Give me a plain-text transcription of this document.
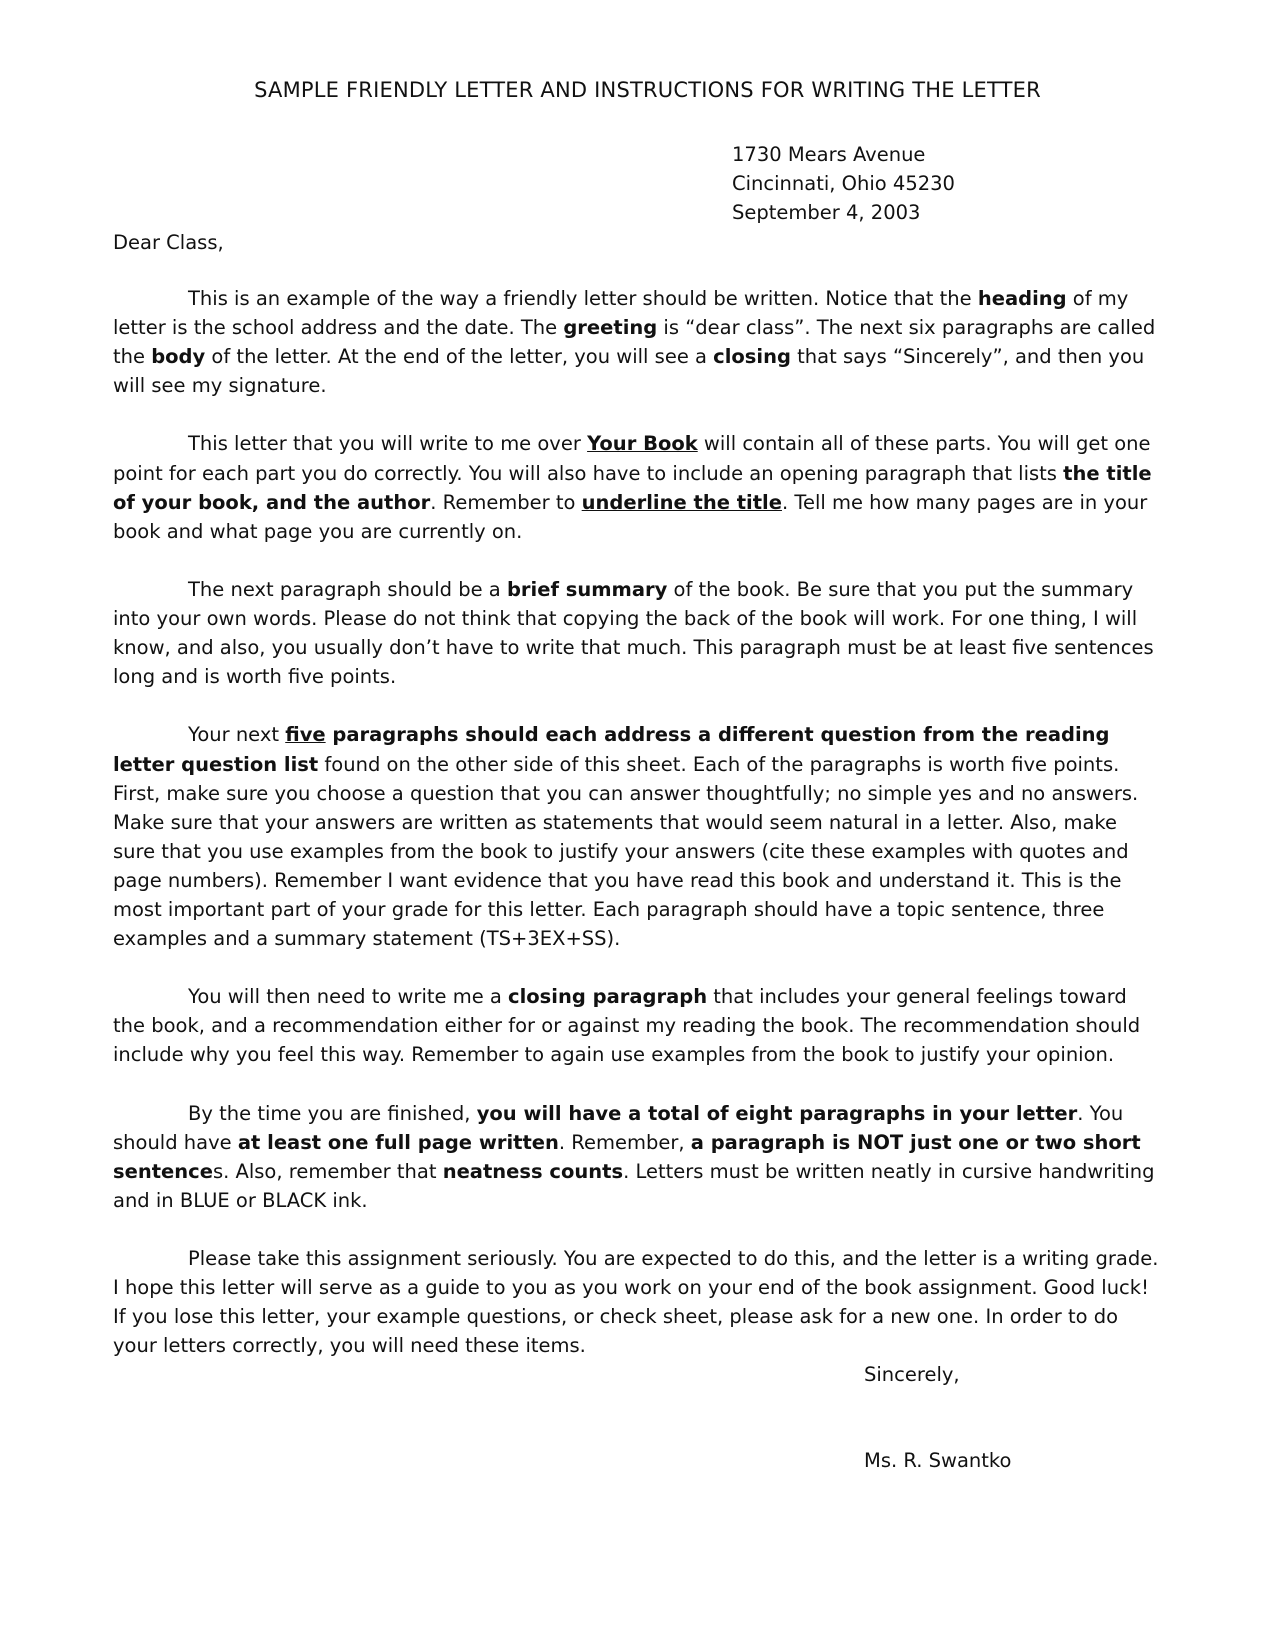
SAMPLE FRIENDLY LETTER AND INSTRUCTIONS FOR WRITING THE LETTER
1730 Mears Avenue
Cincinnati, Ohio 45230
September 4, 2003

Dear Class,

This is an example of the way a friendly letter should be written. Notice that the heading of my letter is the school address and the date. The greeting is “dear class”. The next six paragraphs are called the body of the letter. At the end of the letter, you will see a closing that says “Sincerely”, and then you will see my signature.

This letter that you will write to me over Your Book will contain all of these parts. You will get one point for each part you do correctly. You will also have to include an opening paragraph that lists the title of your book, and the author. Remember to underline the title. Tell me how many pages are in your book and what page you are currently on.

The next paragraph should be a brief summary of the book. Be sure that you put the summary into your own words. Please do not think that copying the back of the book will work. For one thing, I will know, and also, you usually don’t have to write that much. This paragraph must be at least five sentences long and is worth five points.

Your next five paragraphs should each address a different question from the reading letter question list found on the other side of this sheet. Each of the paragraphs is worth five points. First, make sure you choose a question that you can answer thoughtfully; no simple yes and no answers. Make sure that your answers are written as statements that would seem natural in a letter. Also, make sure that you use examples from the book to justify your answers (cite these examples with quotes and page numbers). Remember I want evidence that you have read this book and understand it. This is the most important part of your grade for this letter. Each paragraph should have a topic sentence, three examples and a summary statement (TS+3EX+SS).

You will then need to write me a closing paragraph that includes your general feelings toward the book, and a recommendation either for or against my reading the book. The recommendation should include why you feel this way. Remember to again use examples from the book to justify your opinion.

By the time you are finished, you will have a total of eight paragraphs in your letter. You should have at least one full page written. Remember, a paragraph is NOT just one or two short sentences. Also, remember that neatness counts. Letters must be written neatly in cursive handwriting and in BLUE or BLACK ink.

Please take this assignment seriously. You are expected to do this, and the letter is a writing grade. I hope this letter will serve as a guide to you as you work on your end of the book assignment. Good luck! If you lose this letter, your example questions, or check sheet, please ask for a new one. In order to do your letters correctly, you will need these items.

Sincerely,

Ms. R. Swantko
